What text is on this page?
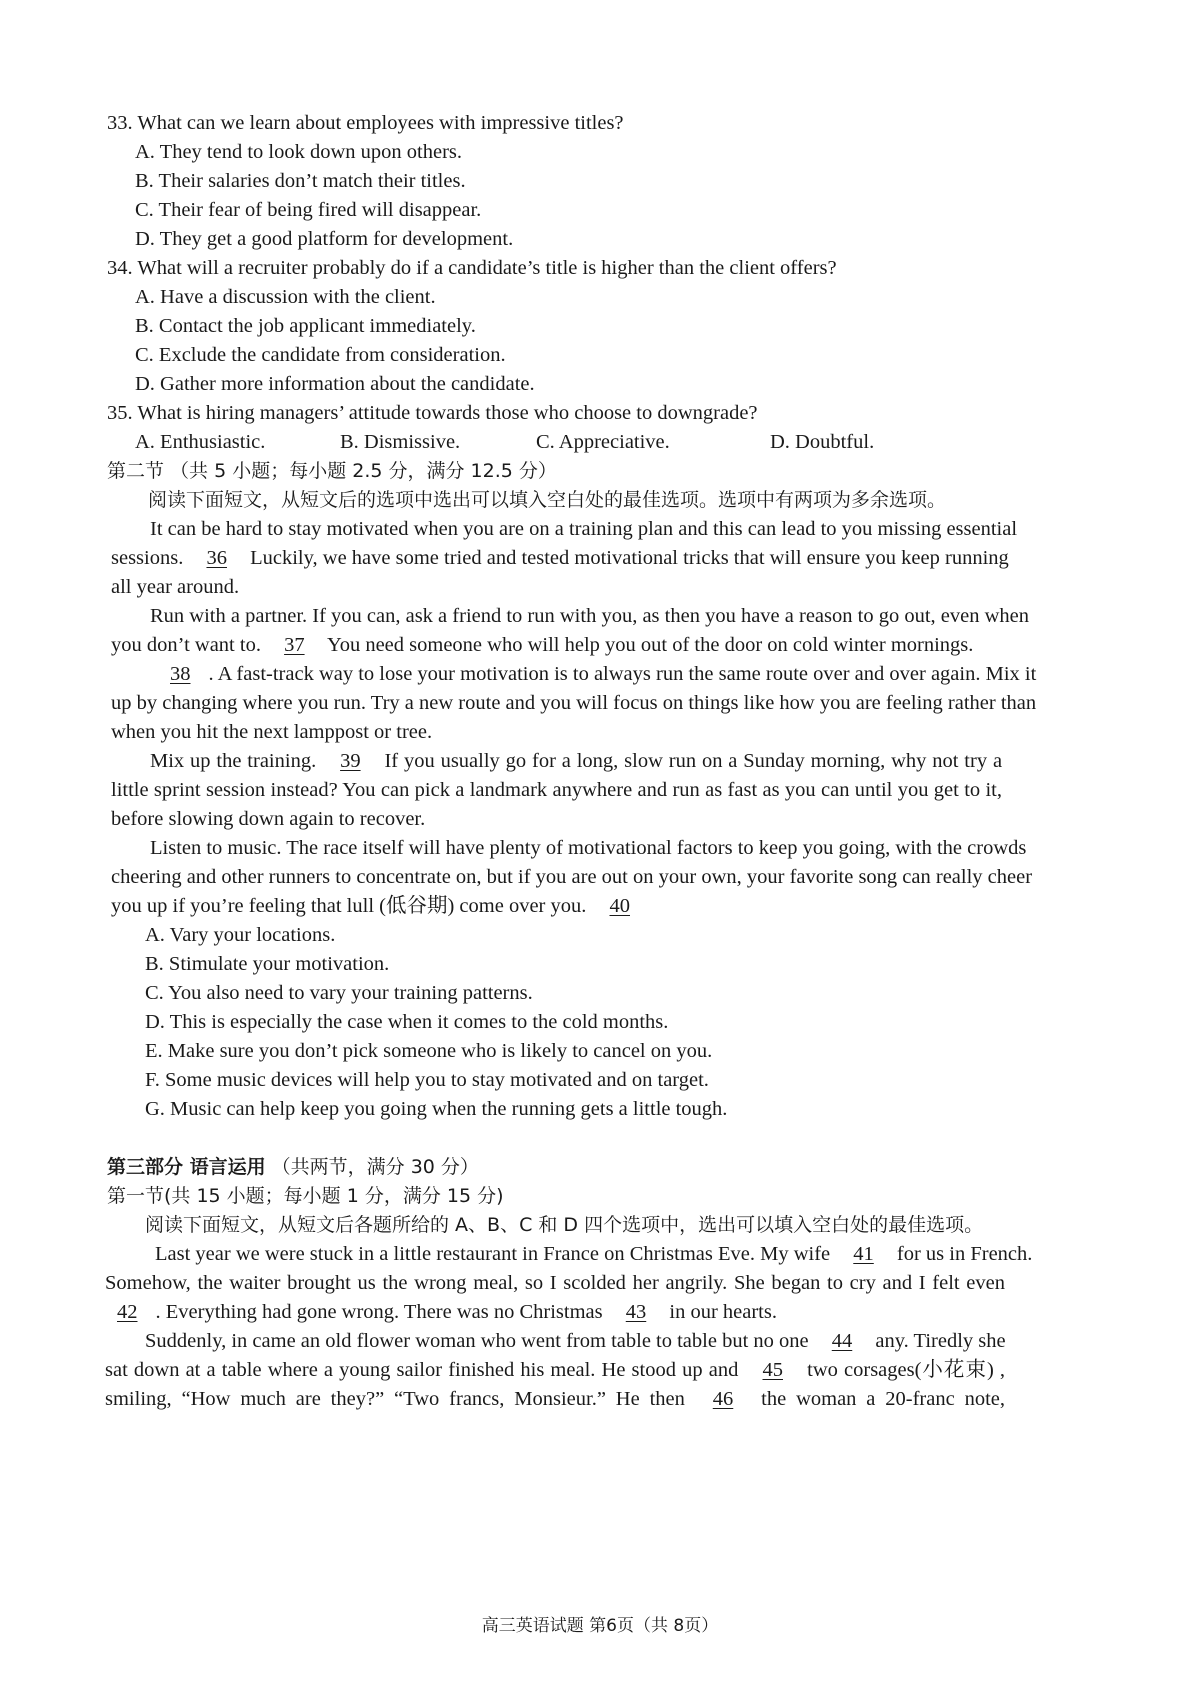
33. What can we learn about employees with impressive titles?
A. They tend to look down upon others.
B. Their salaries don’t match their titles.
C. Their fear of being fired will disappear.
D. They get a good platform for development.
34. What will a recruiter probably do if a candidate’s title is higher than the client offers?
A. Have a discussion with the client.
B. Contact the job applicant immediately.
C. Exclude the candidate from consideration.
D. Gather more information about the candidate.
35. What is hiring managers’ attitude towards those who choose to downgrade?
A. Enthusiastic.	B. Dismissive.	C. Appreciative.	D. Doubtful.
第二节 （共 5 小题；每小题 2.5 分，满分 12.5 分）
阅读下面短文，从短文后的选项中选出可以填入空白处的最佳选项。选项中有两项为多余选项。
It can be hard to stay motivated when you are on a training plan and this can lead to you missing essential
sessions. 36 Luckily, we have some tried and tested motivational tricks that will ensure you keep running
all year around.
Run with a partner. If you can, ask a friend to run with you, as then you have a reason to go out, even when
you don’t want to. 37 You need someone who will help you out of the door on cold winter mornings.
38 . A fast-track way to lose your motivation is to always run the same route over and over again. Mix it
up by changing where you run. Try a new route and you will focus on things like how you are feeling rather than
when you hit the next lamppost or tree.
Mix up the training. 39 If you usually go for a long, slow run on a Sunday morning, why not try a
little sprint session instead? You can pick a landmark anywhere and run as fast as you can until you get to it,
before slowing down again to recover.
Listen to music. The race itself will have plenty of motivational factors to keep you going, with the crowds
cheering and other runners to concentrate on, but if you are out on your own, your favorite song can really cheer
you up if you’re feeling that lull (低谷期) come over you. 40
A. Vary your locations.
B. Stimulate your motivation.
C. You also need to vary your training patterns.
D. This is especially the case when it comes to the cold months.
E. Make sure you don’t pick someone who is likely to cancel on you.
F. Some music devices will help you to stay motivated and on target.
G. Music can help keep you going when the running gets a little tough.
第三部分 语言运用 （共两节，满分 30 分）
第一节(共 15 小题；每小题 1 分，满分 15 分)
阅读下面短文，从短文后各题所给的 A、B、C 和 D 四个选项中，选出可以填入空白处的最佳选项。
Last year we were stuck in a little restaurant in France on Christmas Eve. My wife 41 for us in French.
Somehow, the waiter brought us the wrong meal, so I scolded her angrily. She began to cry and I felt even
42 . Everything had gone wrong. There was no Christmas 43 in our hearts.
Suddenly, in came an old flower woman who went from table to table but no one 44 any. Tiredly she
sat down at a table where a young sailor finished his meal. He stood up and 45 two corsages(小花束) ,
smiling, “How much are they?” “Two francs, Monsieur.” He then 46 the woman a 20-franc note,
高三英语试题 第6页（共 8页）
